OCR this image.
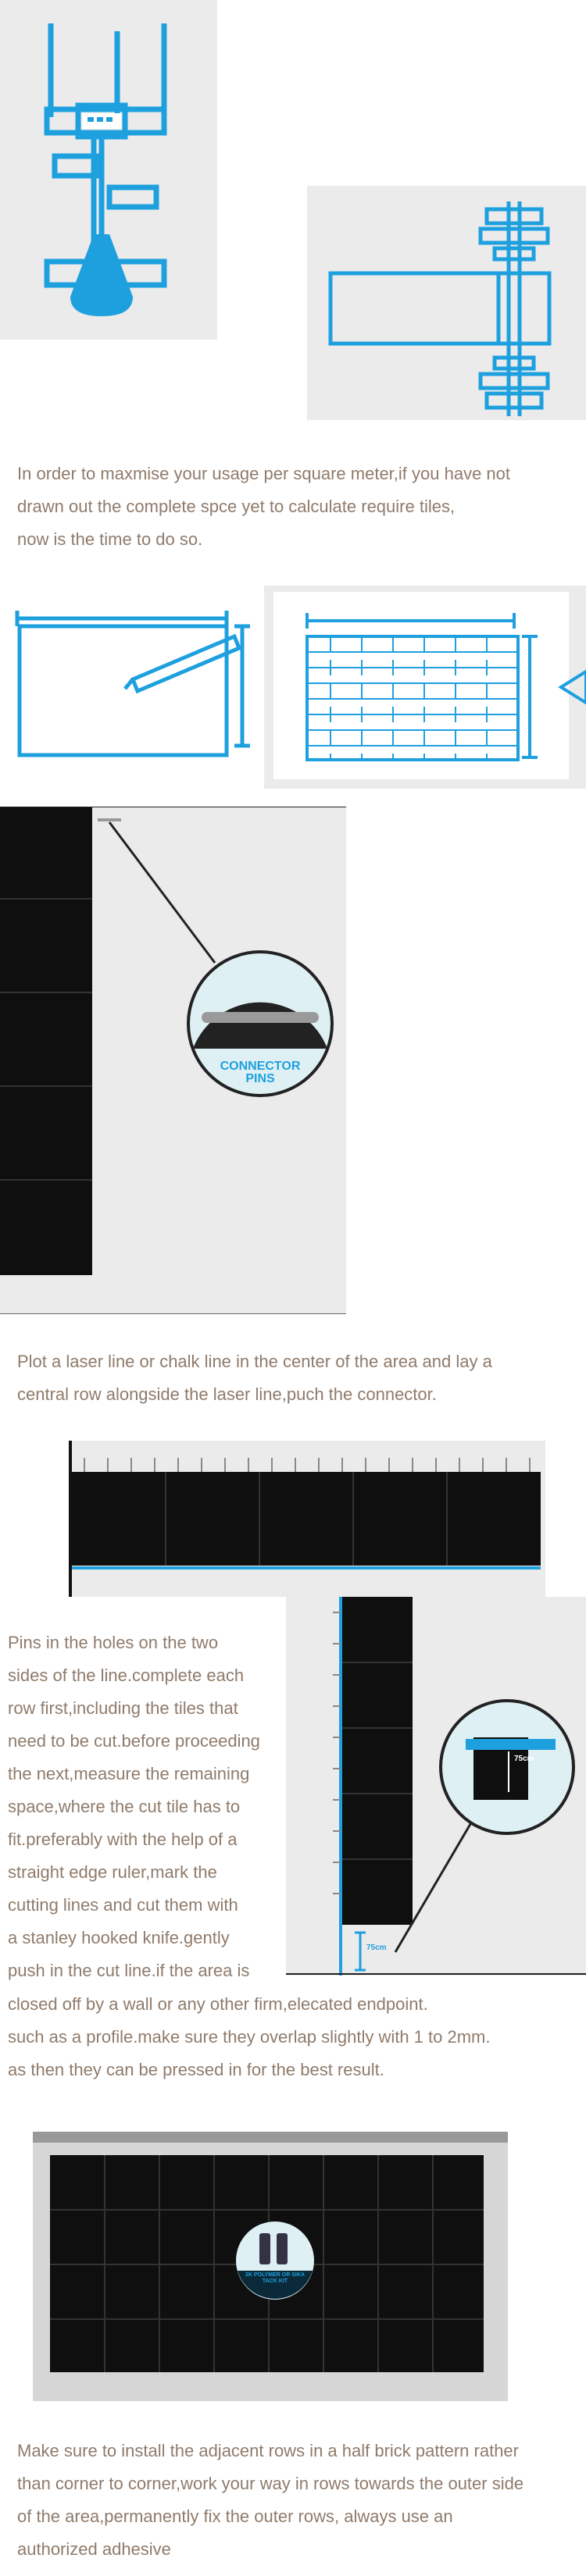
In order to maxmise your usage per square meter,if you have not
drawn out the complete spce yet to calculate require tiles,
now is the time to do so.
CONNECTOR
PINS
Plot a laser line or chalk line in the center of the area and lay a
central row alongside the laser line,puch the connector.
Pins in the holes on the two
sides of the line.complete each
row first,including the tiles that
need to be cut.before proceeding
the next,measure the remaining
space,where the cut tile has to
fit.preferably with the help of a
straight edge ruler,mark the
cutting lines and cut them with
a stanley hooked knife.gently
push in the cut line.if the area is
75cm
75cm
closed off by a wall or any other firm,elecated endpoint.
such as a profile.make sure they overlap slightly with 1 to 2mm.
as then they can be pressed in for the best result.
2K POLYMER OR SIKA TACK KIT
Make sure to install the adjacent rows in a half brick pattern rather
than corner to corner,work your way in rows towards the outer side
of the area,permanently fix the outer rows, always use an
authorized adhesive
